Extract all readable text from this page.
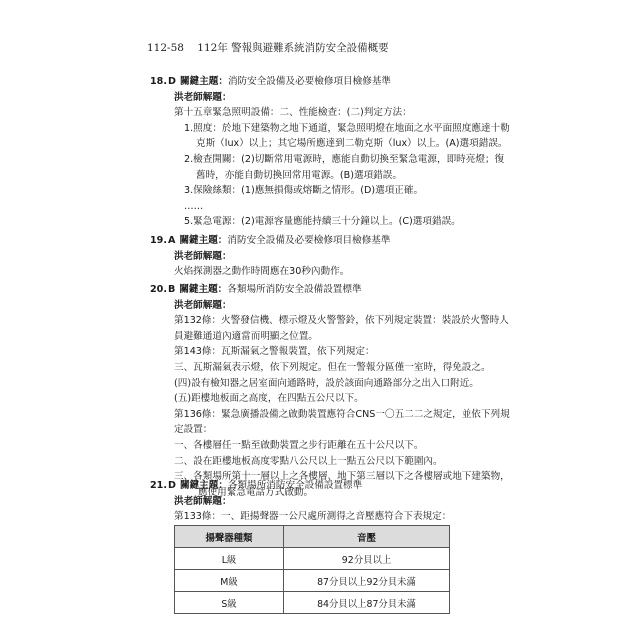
112-58 112年 警報與避難系統消防安全設備概要
18.D 關鍵主題：消防安全設備及必要檢修項目檢修基準
洪老師解題：
第十五章緊急照明設備：二、性能檢查：(二)判定方法：
1.照度：於地下建築物之地下通道，緊急照明燈在地面之水平面照度應達十勒克斯（lux）以上；其它場所應達到二勒克斯（lux）以上。(A)選項錯誤。
2.檢查開關：(2)切斷常用電源時，應能自動切換至緊急電源，即時亮燈；復舊時，亦能自動切換回常用電源。(B)選項錯誤。
3.保險絲類：(1)應無損傷或熔斷之情形。(D)選項正確。
……
5.緊急電源：(2)電源容量應能持續三十分鐘以上。(C)選項錯誤。
19.A 關鍵主題：消防安全設備及必要檢修項目檢修基準
洪老師解題：
火焰探測器之動作時間應在30秒內動作。
20.B 關鍵主題：各類場所消防安全設備設置標準
洪老師解題：
第132條：火警發信機、標示燈及火警警鈴，依下列規定裝置：裝設於火警時人員避難通道內適當而明顯之位置。
第143條：瓦斯漏氣之警報裝置，依下列規定：
三、瓦斯漏氣表示燈，依下列規定。但在一警報分區僅一室時，得免設之。
(四)設有檢知器之居室面向通路時，設於該面向通路部分之出入口附近。
(五)距樓地板面之高度，在四點五公尺以下。
第136條：緊急廣播設備之啟動裝置應符合CNS一〇五二二之規定，並依下列規定設置：
一、各樓層任一點至啟動裝置之步行距離在五十公尺以下。
二、設在距樓地板高度零點八公尺以上一點五公尺以下範圍內。
三、各類場所第十一層以上之各樓層、地下第三層以下之各樓層或地下建築物，應使用緊急電話方式啟動。
21.D 關鍵主題：各類場所消防安全設備設置標準
洪老師解題：
第133條：一、距揚聲器一公尺處所測得之音壓應符合下表規定：
揚聲器種類	音壓
L級	92分貝以上
M級	87分貝以上92分貝未滿
S級	84分貝以上87分貝未滿
